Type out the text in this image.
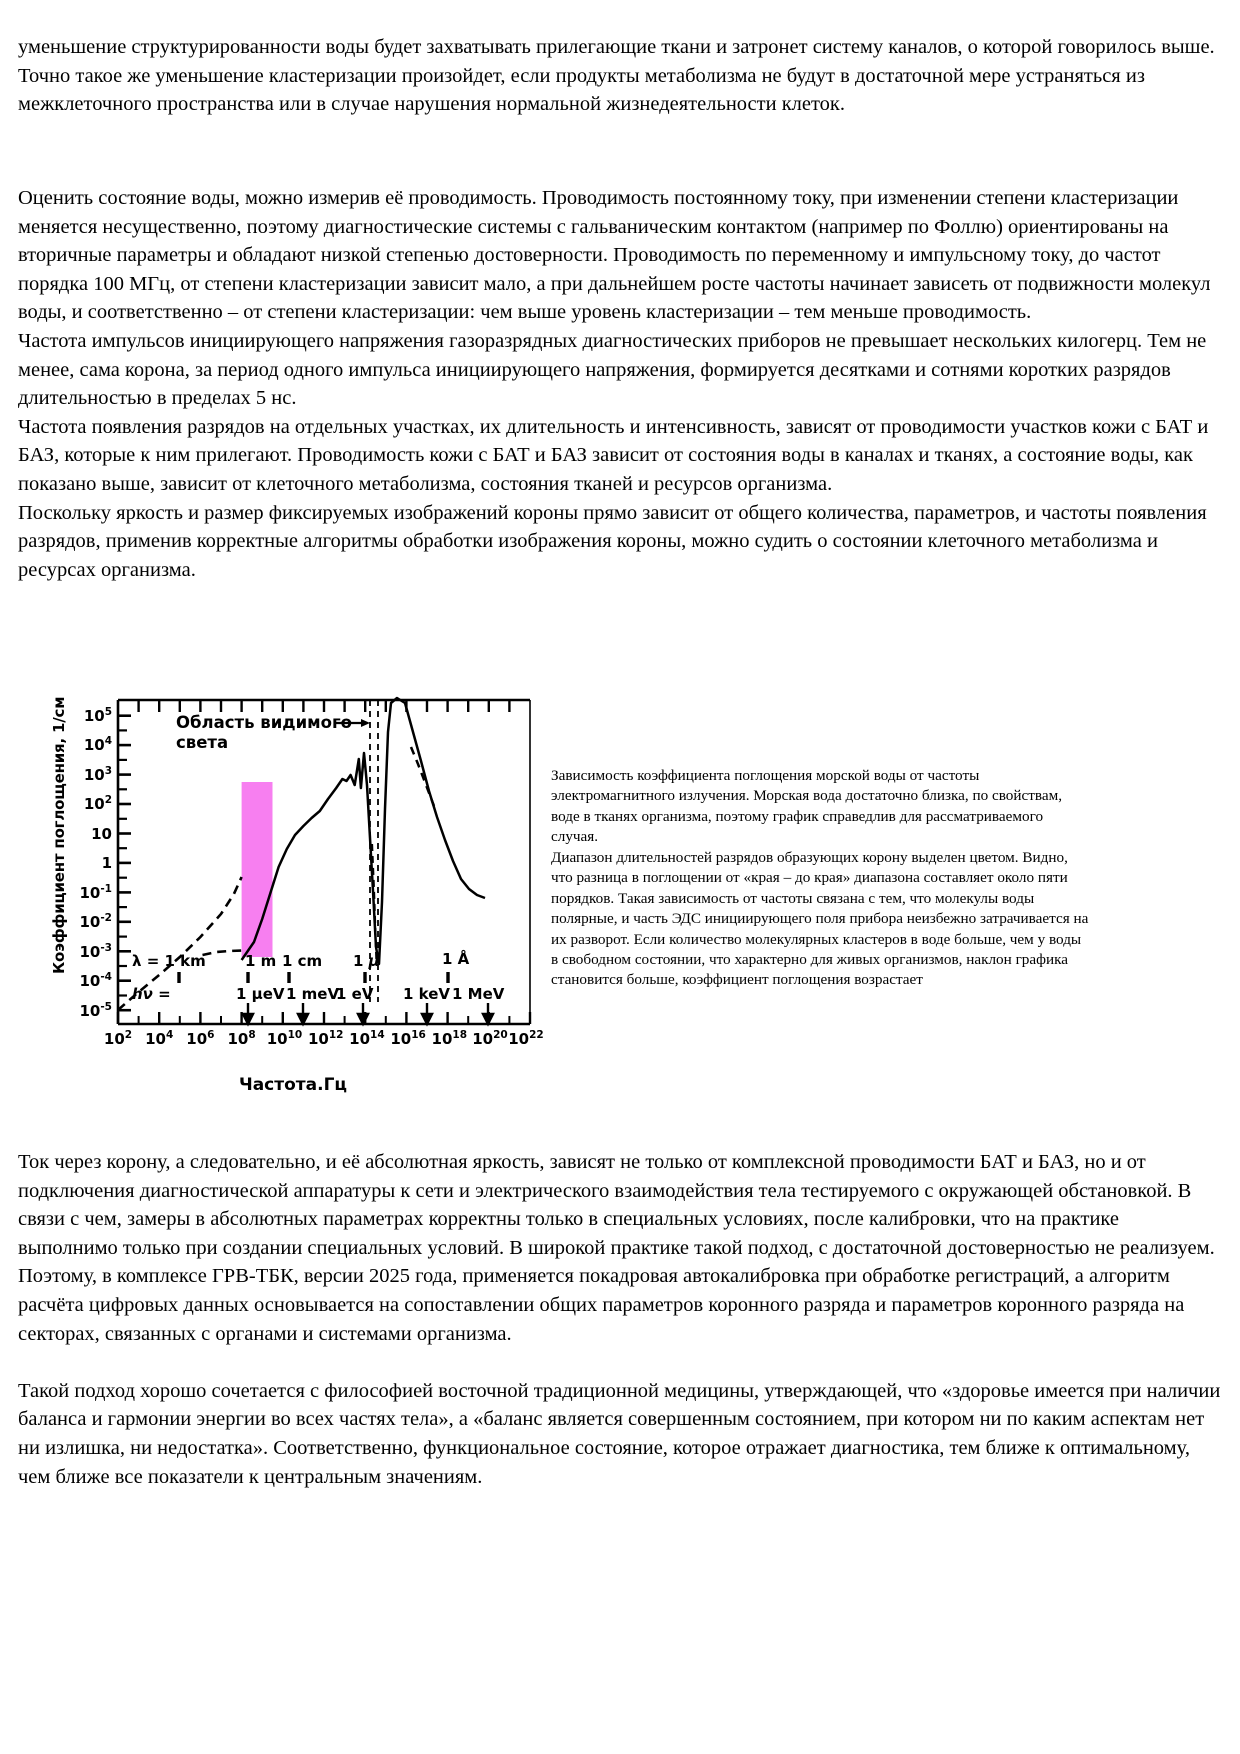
уменьшение структурированности воды будет захватывать прилегающие ткани и затронет систему каналов, о которой говорилось выше.

Точно такое же уменьшение кластеризации произойдет, если продукты метаболизма не будут в достаточной мере устраняться из межклеточного пространства или в случае нарушения нормальной жизнедеятельности клеток.

Оценить состояние воды, можно измерив её проводимость. Проводимость постоянному току, при изменении степени кластеризации меняется несущественно, поэтому диагностические системы с гальваническим контактом (например по Фоллю) ориентированы на вторичные параметры и обладают низкой степенью достоверности. Проводимость по переменному и импульсному току, до частот порядка 100 МГц, от степени кластеризации зависит мало, а при дальнейшем росте частоты начинает зависеть от подвижности молекул воды, и соответственно – от степени кластеризации: чем выше уровень кластеризации – тем меньше проводимость.

Частота импульсов инициирующего напряжения газоразрядных диагностических приборов не превышает нескольких килогерц. Тем не менее, сама корона, за период одного импульса инициирующего напряжения, формируется десятками и сотнями коротких разрядов длительностью в пределах 5 нс.

Частота появления разрядов на отдельных участках, их длительность и интенсивность, зависят от проводимости участков кожи с БАТ и БАЗ, которые к ним прилегают. Проводимость кожи с БАТ и БАЗ зависит от состояния воды в каналах и тканях, а состояние воды, как показано выше, зависит от клеточного метаболизма, состояния тканей и ресурсов организма.

Поскольку яркость и размер фиксируемых изображений короны прямо зависит от общего количества, параметров, и частоты появления разрядов, применив корректные алгоритмы обработки изображения короны, можно судить о состоянии клеточного метаболизма и ресурсах организма.

Коэффициент поглощения, 1/см $10^5$
$10^4$
$10^3$
$10^2$
10
1
$10^{-1}$
$10^{-2}$
$10^{-3}$
$10^{-4}$
$10^{-5}$
$10^2$ $10^4$ $10^6$ $10^8$ $10^{10}$ $10^{12}$ $10^{14}$ $10^{16}$ $10^{18}$ $10^{20}$ $10^{22}$
Область видимого
света
λ = 1 km	1 m 1 cm 1 μ	1 Å
hν =	1 μeV 1 meV
1 eV 1 keV 1 MeV
Частота.Гц

Зависимость коэффициента поглощения морской воды от частоты электромагнитного излучения. Морская вода достаточно близка, по свойствам, воде в тканях организма, поэтому график справедлив для рассматриваемого случая.

Диапазон длительностей разрядов образующих корону выделен цветом. Видно, что разница в поглощении от «края – до края» диапазона составляет около пяти порядков. Такая зависимость от частоты связана с тем, что молекулы воды полярные, и часть ЭДС инициирующего поля прибора неизбежно затрачивается на их разворот. Если количество молекулярных кластеров в воде больше, чем у воды в свободном состоянии, что характерно для живых организмов, наклон графика становится больше, коэффициент поглощения возрастает

Ток через корону, а следовательно, и её абсолютная яркость, зависят не только от комплексной проводимости БАТ и БАЗ, но и от подключения диагностической аппаратуры к сети и электрического взаимодействия тела тестируемого с окружающей обстановкой. В связи с чем, замеры в абсолютных параметрах корректны только в специальных условиях, после калибровки, что на практике выполнимо только при создании специальных условий. В широкой практике такой подход, с достаточной достоверностью не реализуем. Поэтому, в комплексе ГРВ-ТБК, версии 2025 года, применяется покадровая автокалибровка при обработке регистраций, а алгоритм расчёта цифровых данных основывается на сопоставлении общих параметров коронного разряда и параметров коронного разряда на секторах, связанных с органами и системами организма.

Такой подход хорошо сочетается с философией восточной традиционной медицины, утверждающей, что «здоровье имеется при наличии баланса и гармонии энергии во всех частях тела», а «баланс является совершенным состоянием, при котором ни по каким аспектам нет ни излишка, ни недостатка». Соответственно, функциональное состояние, которое отражает диагностика, тем ближе к оптимальному, чем ближе все показатели к центральным значениям.
